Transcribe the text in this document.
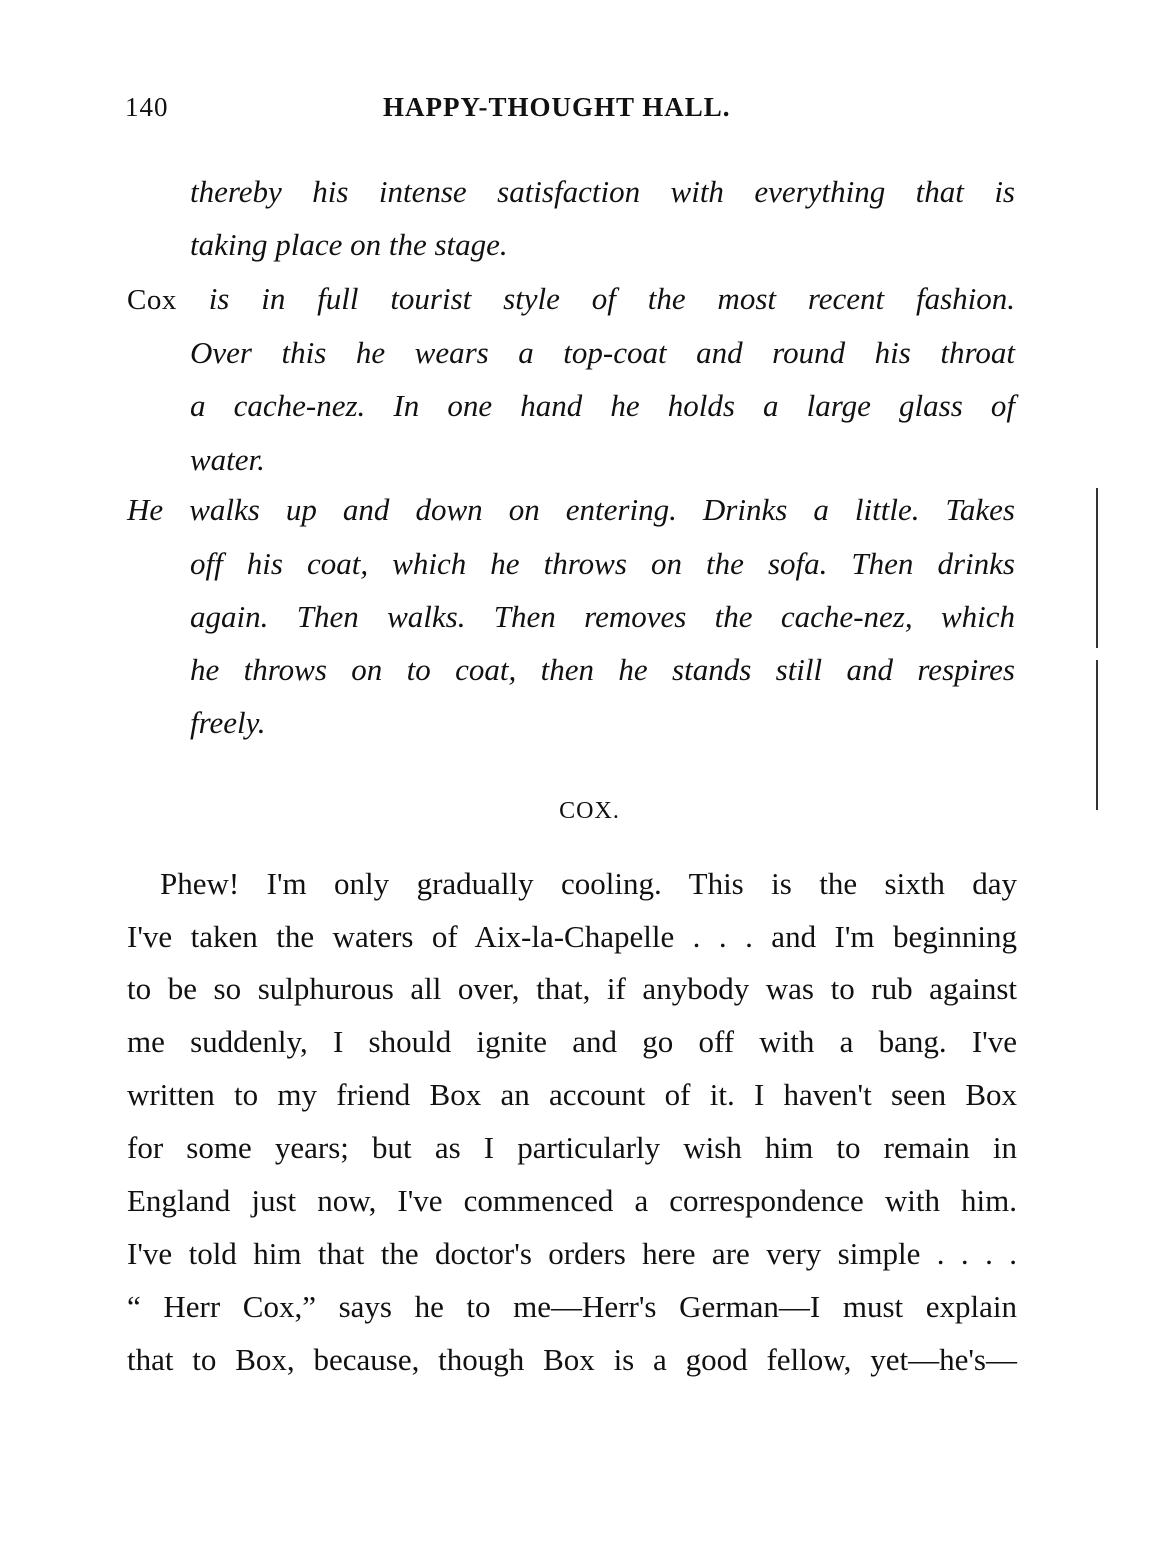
140	HAPPY-THOUGHT HALL.
thereby his intense satisfaction with everything that is
taking place on the stage.
Cox is in full tourist style of the most recent fashion.
Over this he wears a top-coat and round his throat
a cache-nez. In one hand he holds a large glass of
water.
He walks up and down on entering. Drinks a little. Takes
off his coat, which he throws on the sofa. Then drinks
again. Then walks. Then removes the cache-nez, which
he throws on to coat, then he stands still and respires
freely.
COX.
Phew! I'm only gradually cooling. This is the sixth day
I've taken the waters of Aix-la-Chapelle . . . and I'm beginning
to be so sulphurous all over, that, if anybody was to rub against
me suddenly, I should ignite and go off with a bang. I've
written to my friend Box an account of it. I haven't seen Box
for some years; but as I particularly wish him to remain in
England just now, I've commenced a correspondence with him.
I've told him that the doctor's orders here are very simple . . . .
“ Herr Cox,” says he to me—Herr's German—I must explain
that to Box, because, though Box is a good fellow, yet—he's—
